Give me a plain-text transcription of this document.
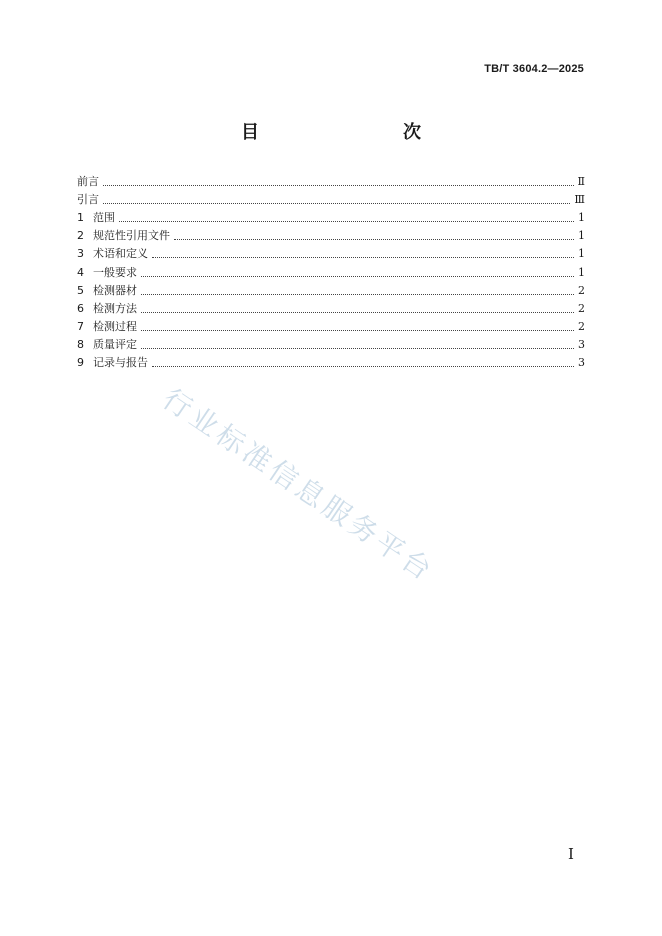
TB/T 3604.2—2025
目　　次
前言	Ⅱ
引言	Ⅲ
1 范围	1
2 规范性引用文件	1
3 术语和定义	1
4 一般要求	1
5 检测器材	2
6 检测方法	2
7 检测过程	2
8 质量评定	3
9 记录与报告	3
行业标准信息服务平台
I
